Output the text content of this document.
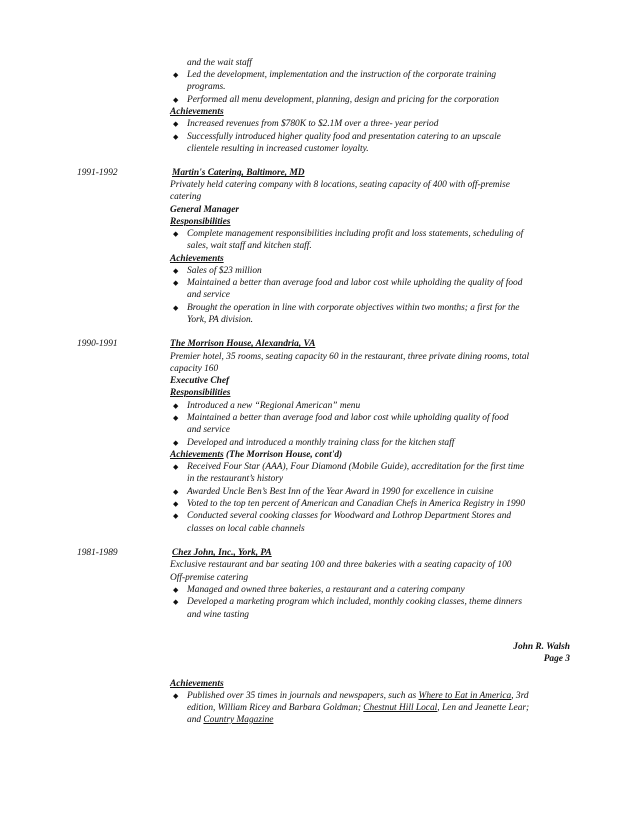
and the wait staff
◆ Led the development, implementation and the instruction of the corporate training
programs.
◆ Performed all menu development, planning, design and pricing for the corporation
Achievements
◆ Increased revenues from $780K to $2.1M over a three- year period
◆ Successfully introduced higher quality food and presentation catering to an upscale
clientele resulting in increased customer loyalty.
1991-1992	Martin's Catering, Baltimore, MD
Privately held catering company with 8 locations, seating capacity of 400 with off-premise
catering
General Manager
Responsibilities
◆ Complete management responsibilities including profit and loss statements, scheduling of
sales, wait staff and kitchen staff.
Achievements
◆ Sales of $23 million
◆ Maintained a better than average food and labor cost while upholding the quality of food
and service
◆ Brought the operation in line with corporate objectives within two months; a first for the
York, PA division.
1990-1991	The Morrison House, Alexandria, VA
Premier hotel, 35 rooms, seating capacity 60 in the restaurant, three private dining rooms, total
capacity 160
Executive Chef
Responsibilities
◆ Introduced a new “Regional American” menu
◆ Maintained a better than average food and labor cost while upholding quality of food
and service
◆ Developed and introduced a monthly training class for the kitchen staff
Achievements (The Morrison House, cont'd)
◆ Received Four Star (AAA), Four Diamond (Mobile Guide), accreditation for the first time
in the restaurant’s history
◆ Awarded Uncle Ben’s Best Inn of the Year Award in 1990 for excellence in cuisine
◆ Voted to the top ten percent of American and Canadian Chefs in America Registry in 1990
◆ Conducted several cooking classes for Woodward and Lothrop Department Stores and
classes on local cable channels
1981-1989	Chez John, Inc., York, PA
Exclusive restaurant and bar seating 100 and three bakeries with a seating capacity of 100
Off-premise catering
◆ Managed and owned three bakeries, a restaurant and a catering company
◆ Developed a marketing program which included, monthly cooking classes, theme dinners
and wine tasting
John R. Walsh
Page 3
Achievements
◆ Published over 35 times in journals and newspapers, such as Where to Eat in America, 3rd
edition, William Ricey and Barbara Goldman; Chestnut Hill Local, Len and Jeanette Lear;
and Country Magazine
